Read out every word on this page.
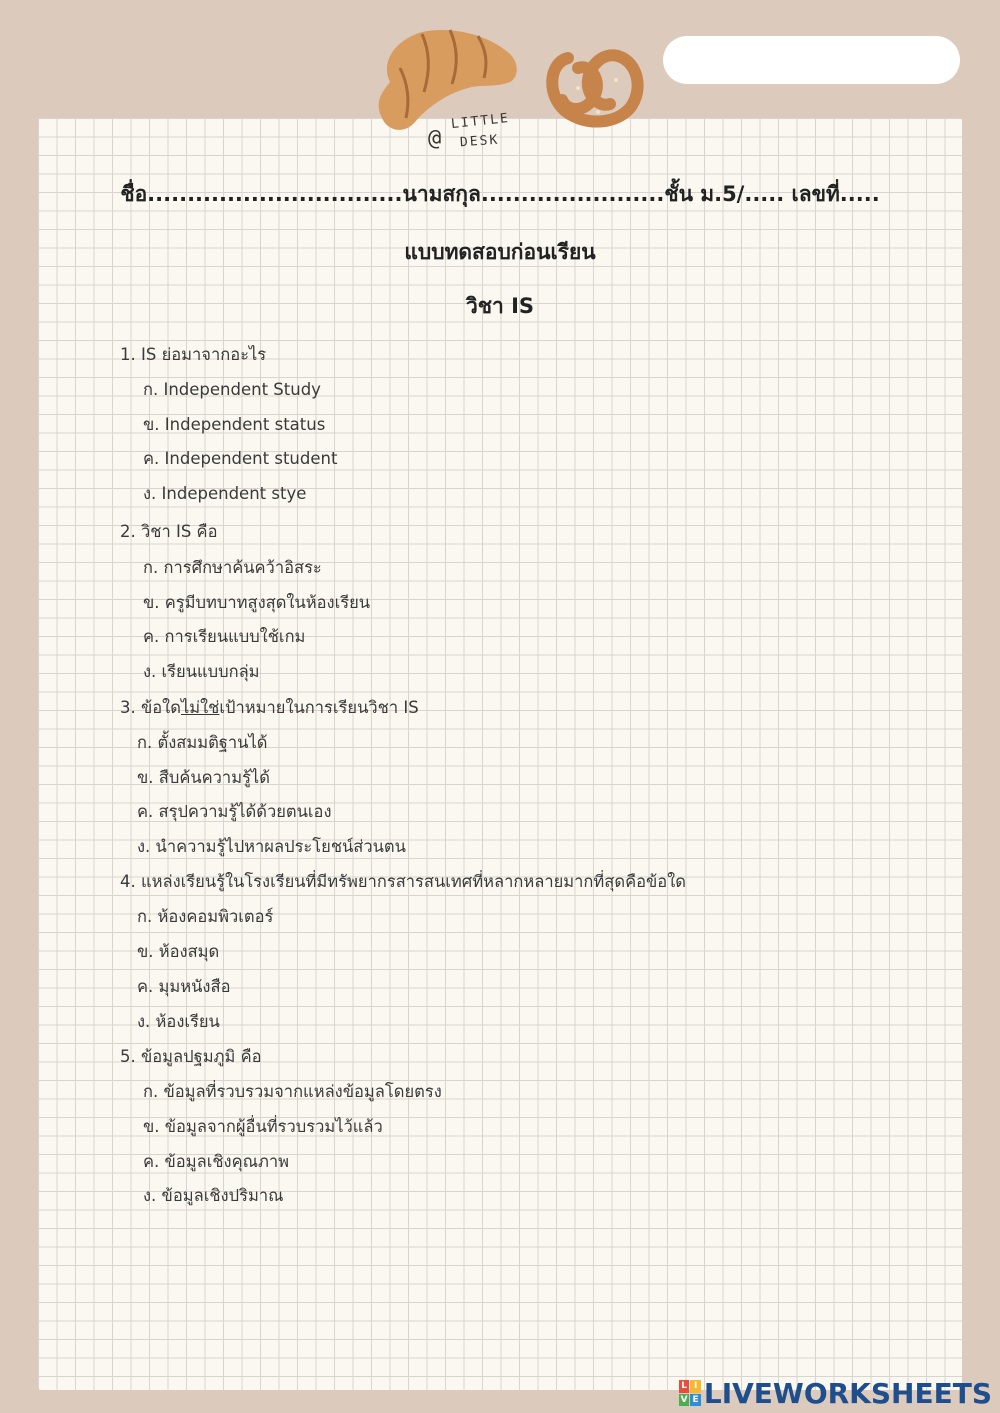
@
LITTLE
DESK
ชื่อ................................นามสกุล.......................ชั้น ม.5/..... เลขที่.....
แบบทดสอบก่อนเรียน
วิชา IS
1. IS ย่อมาจากอะไร
ก. Independent Study
ข. Independent status
ค. Independent student
ง. Independent stye
2. วิชา IS คือ
ก. การศึกษาค้นคว้าอิสระ
ข. ครูมีบทบาทสูงสุดในห้องเรียน
ค. การเรียนแบบใช้เกม
ง. เรียนแบบกลุ่ม
3. ข้อใดไม่ใช่เป้าหมายในการเรียนวิชา IS
ก. ตั้งสมมติฐานได้
ข. สืบค้นความรู้ได้
ค. สรุปความรู้ได้ด้วยตนเอง
ง. นำความรู้ไปหาผลประโยชน์ส่วนตน
4. แหล่งเรียนรู้ในโรงเรียนที่มีทรัพยากรสารสนเทศที่หลากหลายมากที่สุดคือข้อใด
ก. ห้องคอมพิวเตอร์
ข. ห้องสมุด
ค. มุมหนังสือ
ง. ห้องเรียน
5. ข้อมูลปฐมภูมิ คือ
ก. ข้อมูลที่รวบรวมจากแหล่งข้อมูลโดยตรง
ข. ข้อมูลจากผู้อื่นที่รวบรวมไว้แล้ว
ค. ข้อมูลเชิงคุณภาพ
ง. ข้อมูลเชิงปริมาณ
L I
V E LIVEWORKSHEETS
